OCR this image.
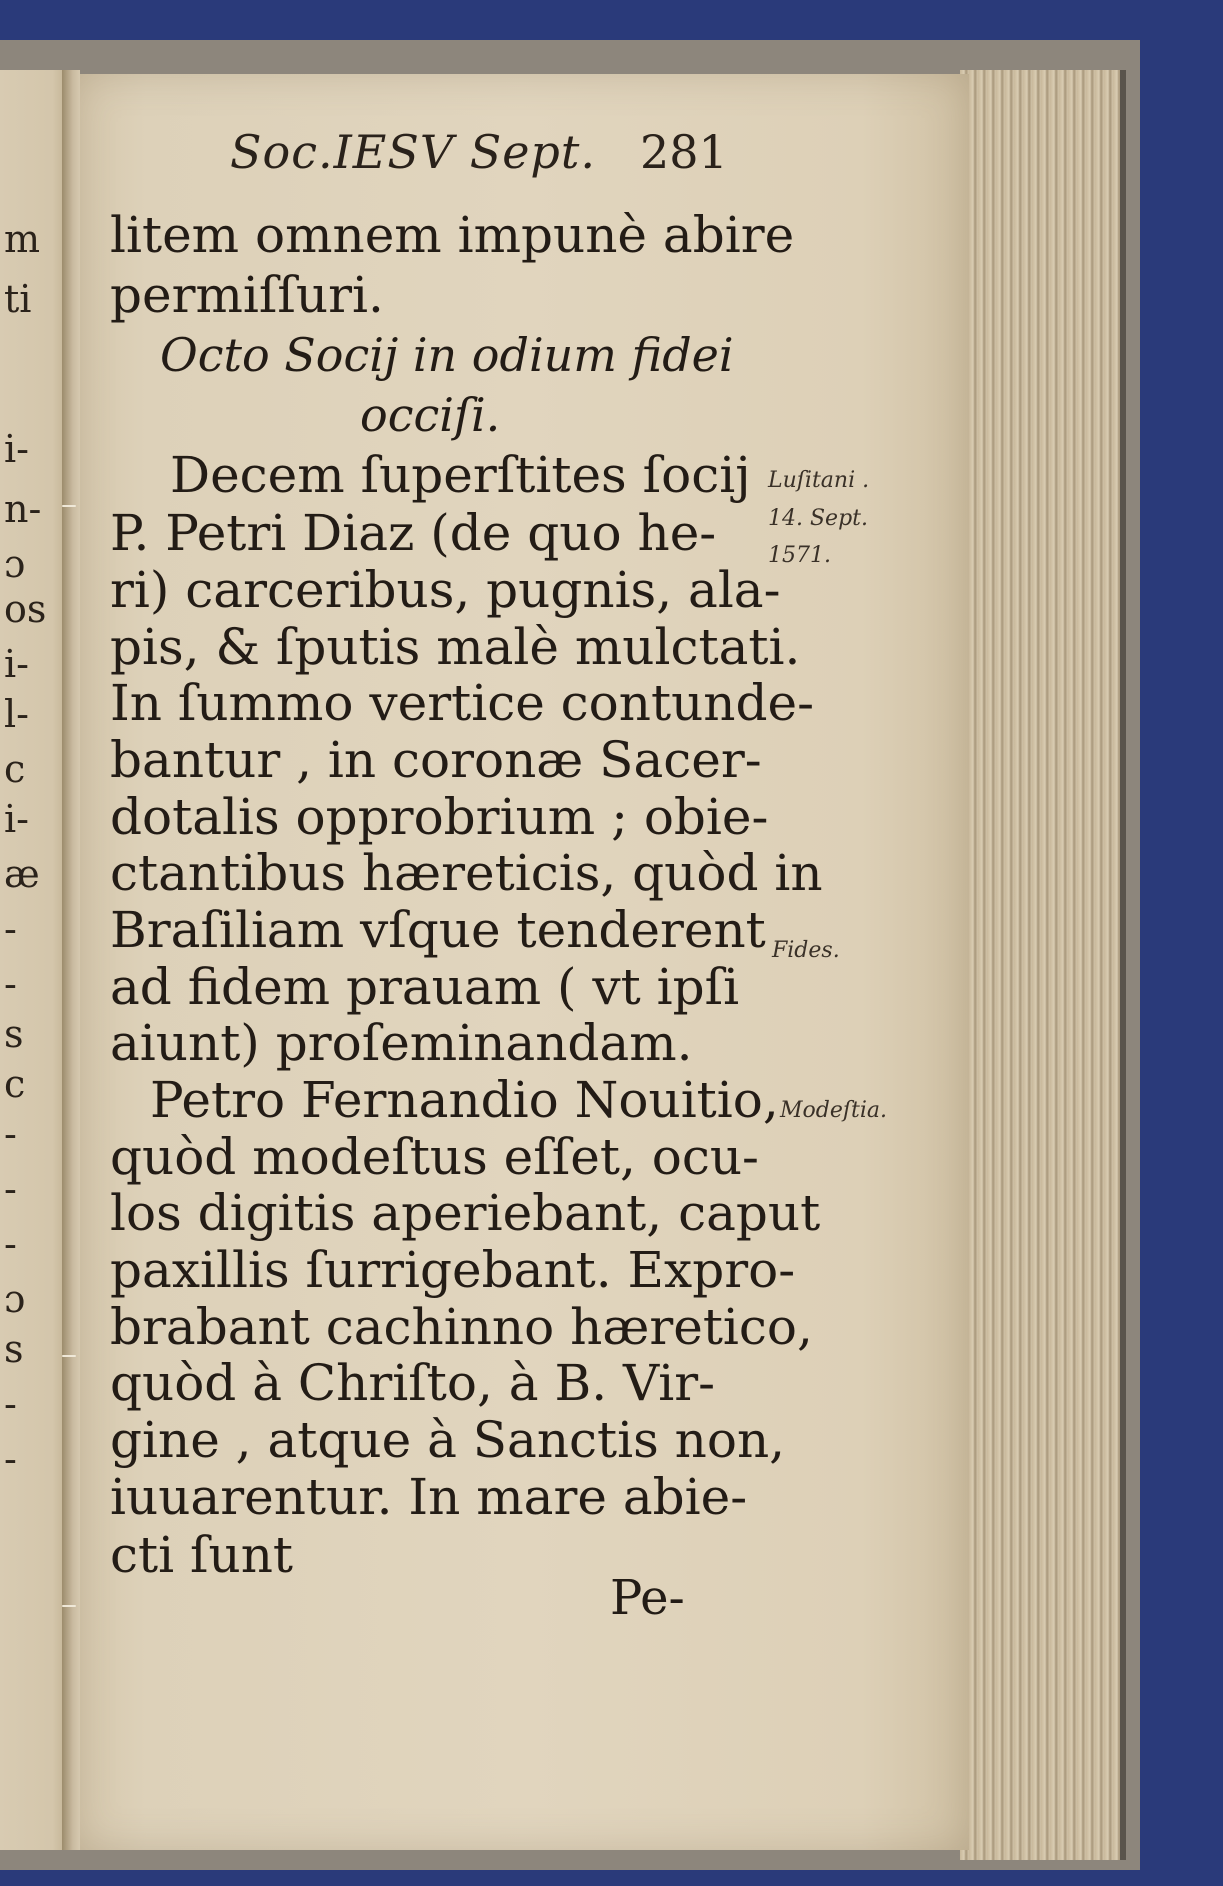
m
ti
i-
n-
ɔ
os
i-
l-
c
i-
æ
-
-
s
c
-
-
-
ɔ
s
-
-
Soc.IESV Sept. 281
litem omnem impunè abire
permiſſuri.
Octo Socij in odium fidei
occiſi.
Decem ſuperſtites ſocij
P. Petri Diaz (de quo he-
ri) carceribus, pugnis, ala-
pis, & ſputis malè mulctati.
In ſummo vertice contunde-
bantur , in coronæ Sacer-
dotalis opprobrium ; obie-
ctantibus hæreticis, quòd in
Braſiliam vſque tenderent
ad fidem prauam ( vt ipſi
aiunt) proſeminandam.
Petro Fernandio Nouitio,
quòd modeſtus eſſet, ocu-
los digitis aperiebant, caput
paxillis ſurrigebant. Expro-
brabant cachinno hæretico,
quòd à Chriſto, à B. Vir-
gine , atque à Sanctis non,
iuuarentur. In mare abie-
cti ſunt
Pe-
Luſitani .
14. Sept.
1571.
Fides.
Modeſtia.
